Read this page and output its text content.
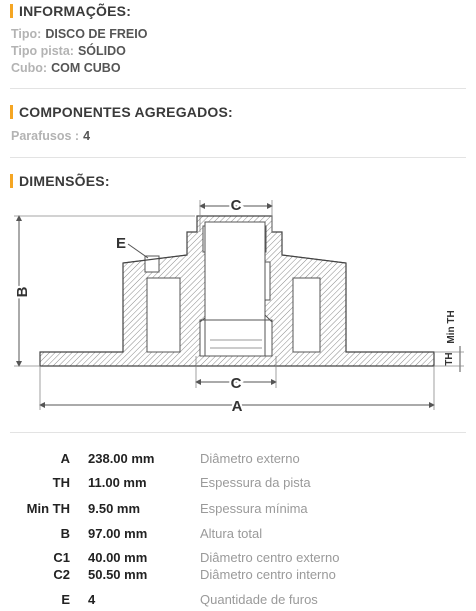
INFORMAÇÕES:
Tipo: DISCO DE FREIO
Tipo pista: SÓLIDO
Cubo: COM CUBO
COMPONENTES AGREGADOS:
Parafusos : 4
DIMENSÕES:
C
C
E
A
B
TH
Min TH
A 238.00 mm	Diâmetro externo
TH 11.00 mm	Espessura da pista
Min TH 9.50 mm	Espessura mínima
B 97.00 mm	Altura total
C1 40.00 mm	Diâmetro centro externo
C2 50.50 mm	Diâmetro centro interno
E 4	Quantidade de furos
